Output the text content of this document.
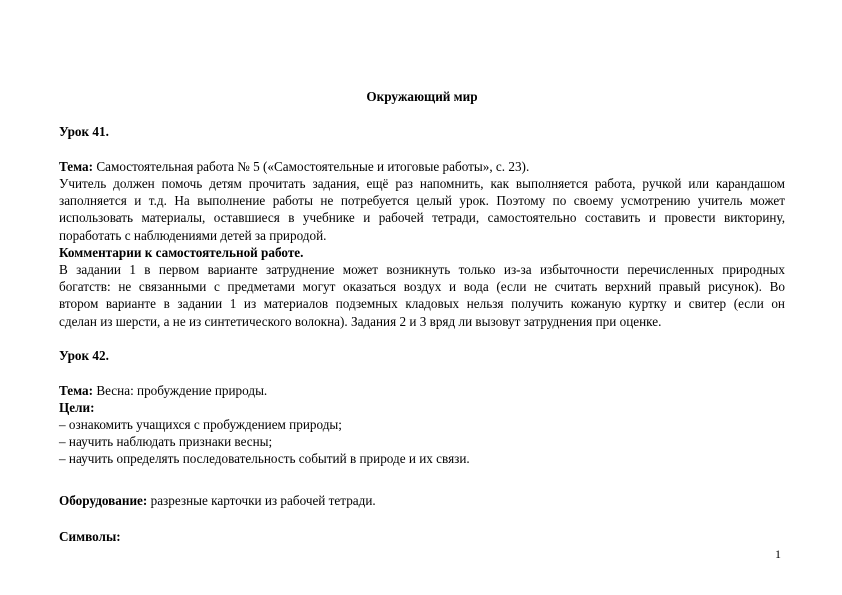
Окружающий мир
Урок 41.
Тема: Самостоятельная работа № 5 («Самостоятельные и итоговые работы», с. 23).
Учитель должен помочь детям прочитать задания, ещё раз напомнить, как выполняется работа, ручкой или карандашом
заполняется и т.д. На выполнение работы не потребуется целый урок. Поэтому по своему усмотрению учитель может
использовать материалы, оставшиеся в учебнике и рабочей тетради, самостоятельно составить и провести викторину,
поработать с наблюдениями детей за природой.
Комментарии к самостоятельной работе.
В задании 1 в первом варианте затруднение может возникнуть только из-за избыточности перечисленных природных
богатств: не связанными с предметами могут оказаться воздух и вода (если не считать верхний правый рисунок). Во
втором варианте в задании 1 из материалов подземных кладовых нельзя получить кожаную куртку и свитер (если он
сделан из шерсти, а не из синтетического волокна). Задания 2 и 3 вряд ли вызовут затруднения при оценке.
Урок 42.
Тема: Весна: пробуждение природы.
Цели:
– ознакомить учащихся с пробуждением природы;
– научить наблюдать признаки весны;
– научить определять последовательность событий в природе и их связи.
Оборудование: разрезные карточки из рабочей тетради.
Символы:
1
